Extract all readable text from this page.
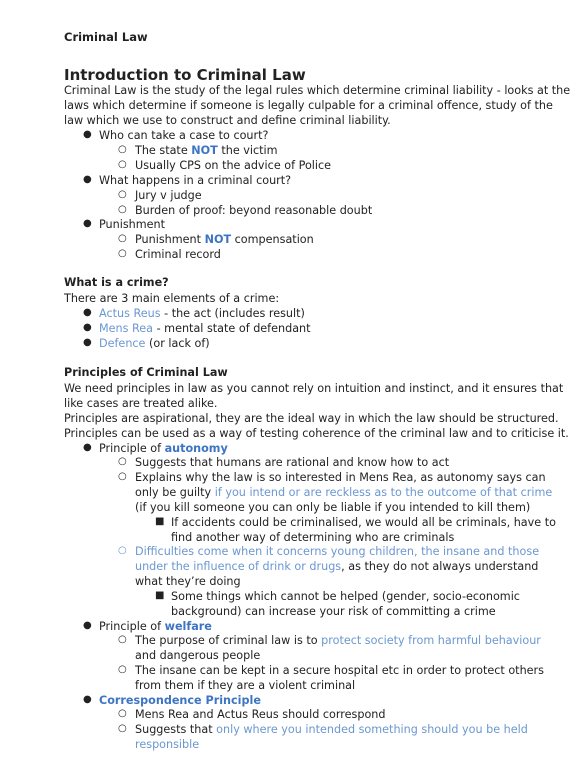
Criminal Law
Introduction to Criminal Law
Criminal Law is the study of the legal rules which determine criminal liability - looks at the
laws which determine if someone is legally culpable for a criminal offence, study of the
law which we use to construct and define criminal liability.
● Who can take a case to court?
○ The state NOT the victim
○ Usually CPS on the advice of Police
● What happens in a criminal court?
○ Jury v judge
○ Burden of proof: beyond reasonable doubt
● Punishment
○ Punishment NOT compensation
○ Criminal record
What is a crime?
There are 3 main elements of a crime:
● Actus Reus - the act (includes result)
● Mens Rea - mental state of defendant
● Defence (or lack of)
Principles of Criminal Law
We need principles in law as you cannot rely on intuition and instinct, and it ensures that
like cases are treated alike.
Principles are aspirational, they are the ideal way in which the law should be structured.
Principles can be used as a way of testing coherence of the criminal law and to criticise it.
● Principle of autonomy
○ Suggests that humans are rational and know how to act
○ Explains why the law is so interested in Mens Rea, as autonomy says can
only be guilty if you intend or are reckless as to the outcome of that crime
(if you kill someone you can only be liable if you intended to kill them)
■ If accidents could be criminalised, we would all be criminals, have to
find another way of determining who are criminals
○ Difficulties come when it concerns young children, the insane and those
under the influence of drink or drugs, as they do not always understand
what they’re doing
■ Some things which cannot be helped (gender, socio-economic
background) can increase your risk of committing a crime
● Principle of welfare
○ The purpose of criminal law is to protect society from harmful behaviour
and dangerous people
○ The insane can be kept in a secure hospital etc in order to protect others
from them if they are a violent criminal
● Correspondence Principle
○ Mens Rea and Actus Reus should correspond
○ Suggests that only where you intended something should you be held
responsible
